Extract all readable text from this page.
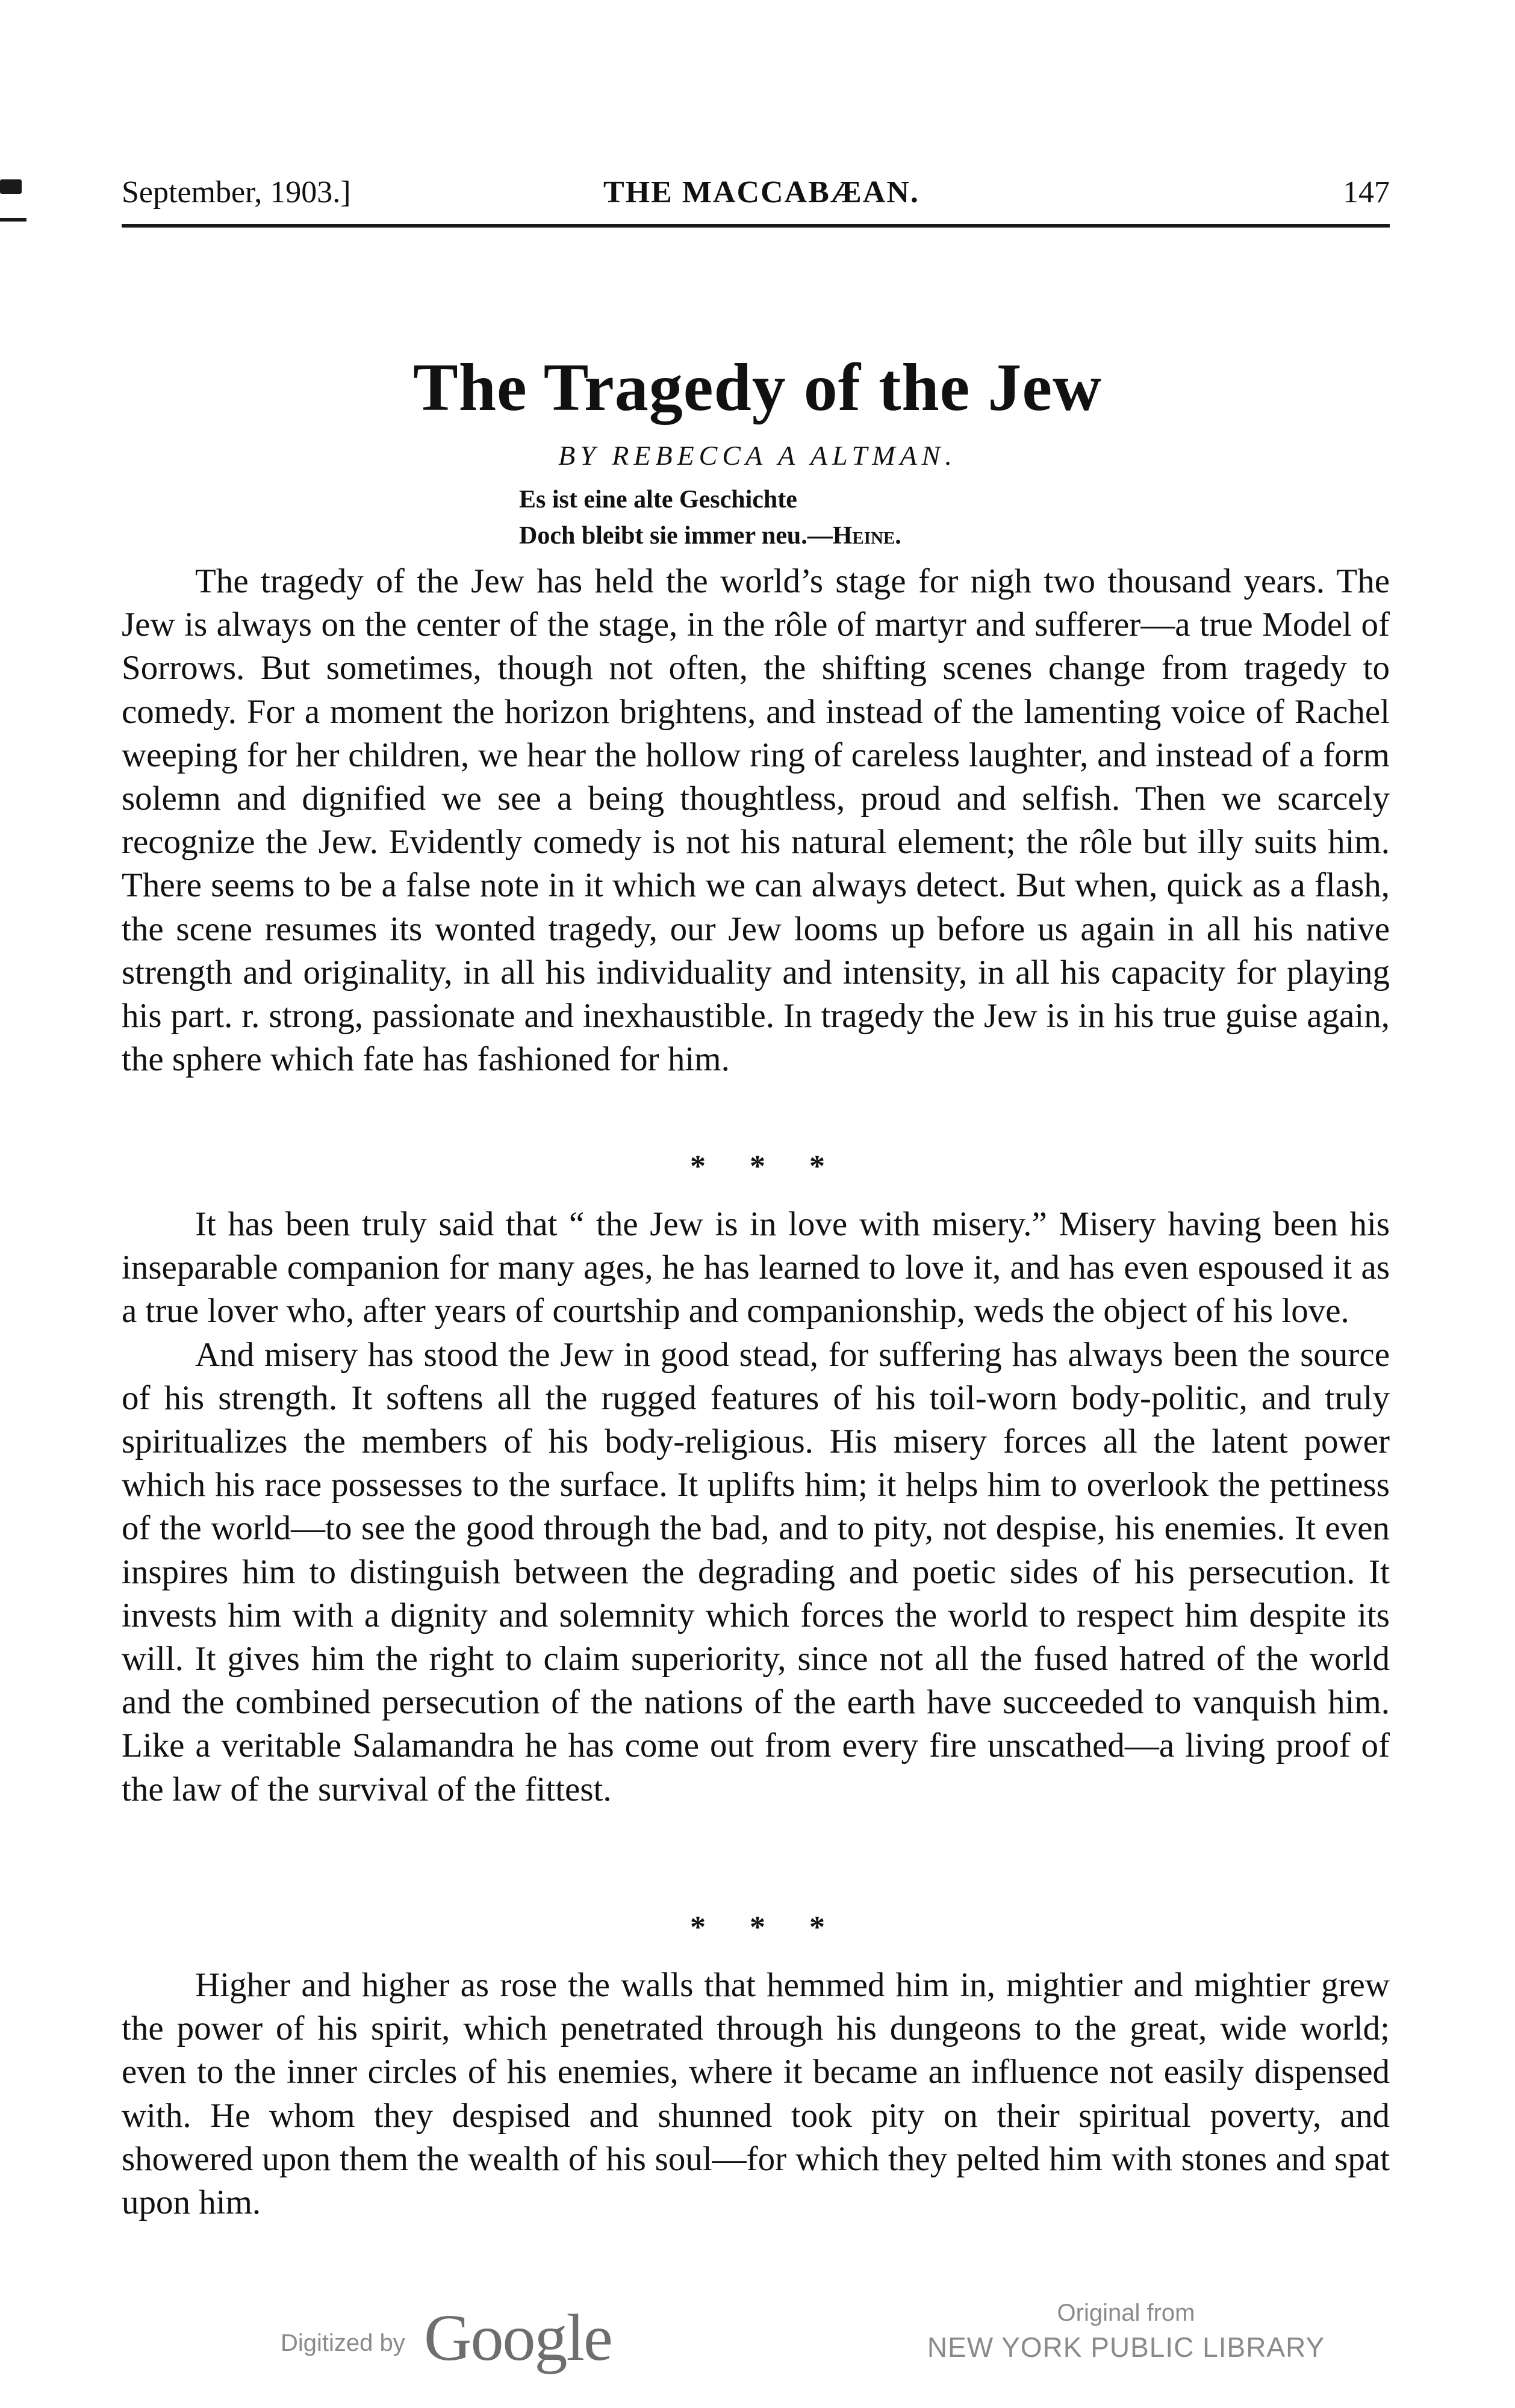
September, 1903.]	THE MACCABÆAN.	147
The Tragedy of the Jew
BY REBECCA A ALTMAN.
Es ist eine alte Geschichte
Doch bleibt sie immer neu.—Heine.

The tragedy of the Jew has held the world’s stage for nigh two thousand years. The Jew is always on the center of the stage, in the rôle of martyr and sufferer—a true Model of Sorrows. But sometimes, though not often, the shifting scenes change from tragedy to comedy. For a moment the horizon brightens, and instead of the lamenting voice of Rachel weeping for her children, we hear the hollow ring of careless laughter, and instead of a form solemn and dignified we see a being thoughtless, proud and selfish. Then we scarcely recognize the Jew. Evidently comedy is not his natural element; the rôle but illy suits him. There seems to be a false note in it which we can always detect. But when, quick as a flash, the scene resumes its wonted tragedy, our Jew looms up before us again in all his native strength and originality, in all his individuality and intensity, in all his capacity for playing his part. r. strong, passionate and inexhaustible. In tragedy the Jew is in his true guise again, the sphere which fate has fashioned for him.

* * *

It has been truly said that “ the Jew is in love with misery.” Misery having been his inseparable companion for many ages, he has learned to love it, and has even espoused it as a true lover who, after years of courtship and companionship, weds the object of his love.

And misery has stood the Jew in good stead, for suffering has always been the source of his strength. It softens all the rugged features of his toil-worn body-politic, and truly spiritualizes the members of his body-religious. His misery forces all the latent power which his race possesses to the surface. It uplifts him; it helps him to overlook the pettiness of the world—to see the good through the bad, and to pity, not despise, his enemies. It even inspires him to distinguish between the degrading and poetic sides of his persecution. It invests him with a dignity and solemnity which forces the world to respect him despite its will. It gives him the right to claim superiority, since not all the fused hatred of the world and the combined persecution of the nations of the earth have succeeded to vanquish him. Like a veritable Salamandra he has come out from every fire unscathed—a living proof of the law of the survival of the fittest.

* * *

Higher and higher as rose the walls that hemmed him in, mightier and mightier grew the power of his spirit, which penetrated through his dungeons to the great, wide world; even to the inner circles of his enemies, where it became an influence not easily dispensed with. He whom they despised and shunned took pity on their spiritual poverty, and showered upon them the wealth of his soul—for which they pelted him with stones and spat upon him.

Digitized by Google	Original from
NEW YORK PUBLIC LIBRARY
